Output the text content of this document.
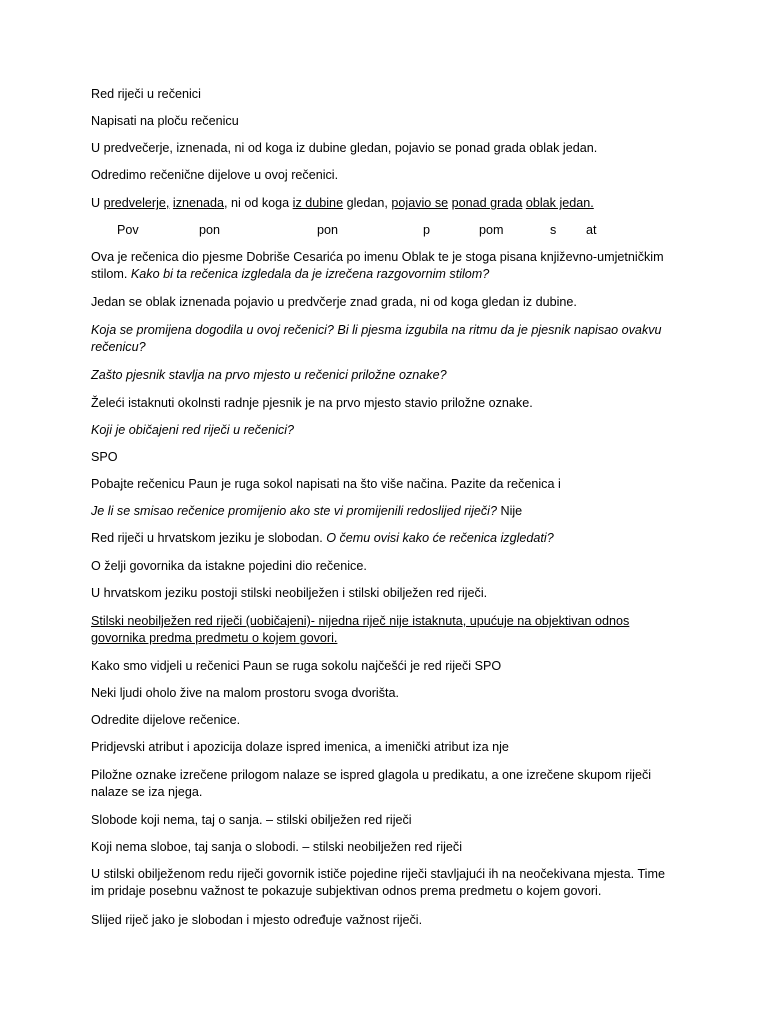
Red riječi u rečenici

Napisati na ploču rečenicu

U predvečerje, iznenada, ni od koga iz dubine gledan, pojavio se ponad grada oblak jedan.

Odredimo rečenične dijelove u ovoj rečenici.

U predvelerje, iznenada, ni od koga iz dubine gledan, pojavio se ponad grada oblak jedan.

Pov	pon	pon	p	pom	s at

Ova je rečenica dio pjesme Dobriše Cesarića po imenu Oblak te je stoga pisana književno-umjetničkim stilom. Kako bi ta rečenica izgledala da je izrečena razgovornim stilom?

Jedan se oblak iznenada pojavio u predvčerje znad grada, ni od koga gledan iz dubine.

Koja se promijena dogodila u ovoj rečenici? Bi li pjesma izgubila na ritmu da je pjesnik napisao ovakvu rečenicu?

Zašto pjesnik stavlja na prvo mjesto u rečenici priložne oznake?

Želeći istaknuti okolnsti radnje pjesnik je na prvo mjesto stavio priložne oznake.

Koji je običajeni red riječi u rečenici?

SPO

Pobajte rečenicu Paun je ruga sokol napisati na što više načina. Pazite da rečenica i

Je li se smisao rečenice promijenio ako ste vi promijenili redoslijed riječi? Nije

Red riječi u hrvatskom jeziku je slobodan. O čemu ovisi kako će rečenica izgledati?

O želji govornika da istakne pojedini dio rečenice.

U hrvatskom jeziku postoji stilski neobilježen i stilski obilježen red riječi.

Stilski neobilježen red riječi (uobičajeni)- nijedna riječ nije istaknuta, upućuje na objektivan odnos govornika predma predmetu o kojem govori.

Kako smo vidjeli u rečenici Paun se ruga sokolu najčešći je red riječi SPO

Neki ljudi oholo žive na malom prostoru svoga dvorišta.

Odredite dijelove rečenice.

Pridjevski atribut i apozicija dolaze ispred imenica, a imenički atribut iza nje

Piložne oznake izrečene prilogom nalaze se ispred glagola u predikatu, a one izrečene skupom riječi nalaze se iza njega.

Slobode koji nema, taj o sanja. – stilski obilježen red riječi

Koji nema sloboe, taj sanja o slobodi. – stilski neobilježen red riječi

U stilski obilježenom redu riječi govornik ističe pojedine riječi stavljajući ih na neočekivana mjesta. Time im pridaje posebnu važnost te pokazuje subjektivan odnos prema predmetu o kojem govori.

Slijed riječ jako je slobodan i mjesto određuje važnost riječi.
